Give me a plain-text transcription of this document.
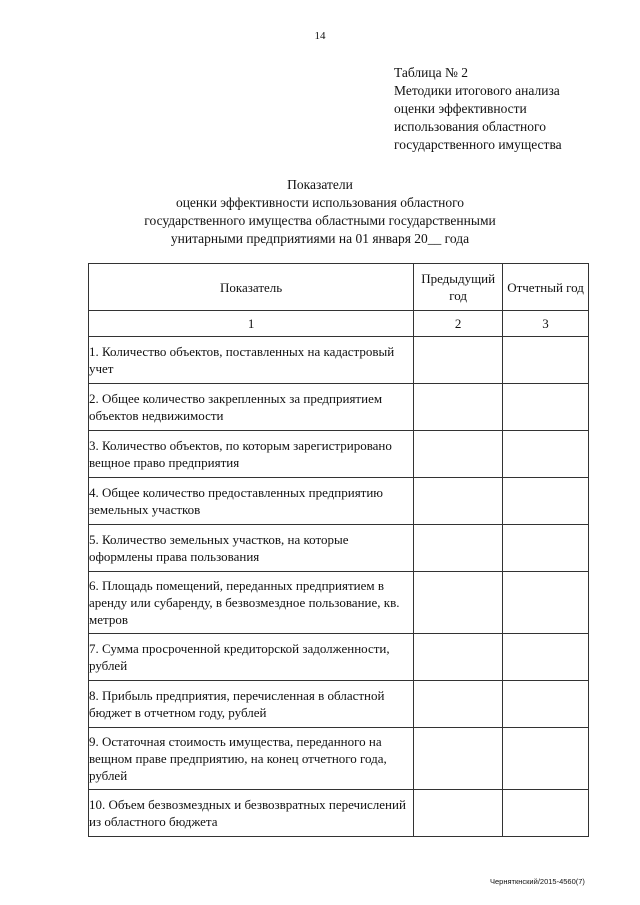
14
Таблица № 2
Методики итогового анализа
оценки эффективности
использования областного
государственного имущества
Показатели
оценки эффективности использования областного
государственного имущества областными государственными
унитарными предприятиями на 01 января 20__ года
Показатель	Предыдущий год	Отчетный год
1	2	3
1. Количество объектов, поставленных на кадастровый учет		
2. Общее количество закрепленных за предприятием объектов недвижимости		
3. Количество объектов, по которым зарегистрировано вещное право предприятия		
4. Общее количество предоставленных предприятию земельных участков		
5. Количество земельных участков, на которые оформлены права пользования		
6. Площадь помещений, переданных предприятием в аренду или субаренду, в безвозмездное пользование, кв. метров		
7. Сумма просроченной кредиторской задолженности, рублей		
8. Прибыль предприятия, перечисленная в областной бюджет в отчетном году, рублей		
9. Остаточная стоимость имущества, переданного на вещном праве предприятию, на конец отчетного года, рублей		
10. Объем безвозмездных и безвозвратных перечислений из областного бюджета		
Черняткнский/2015-4560(7)
